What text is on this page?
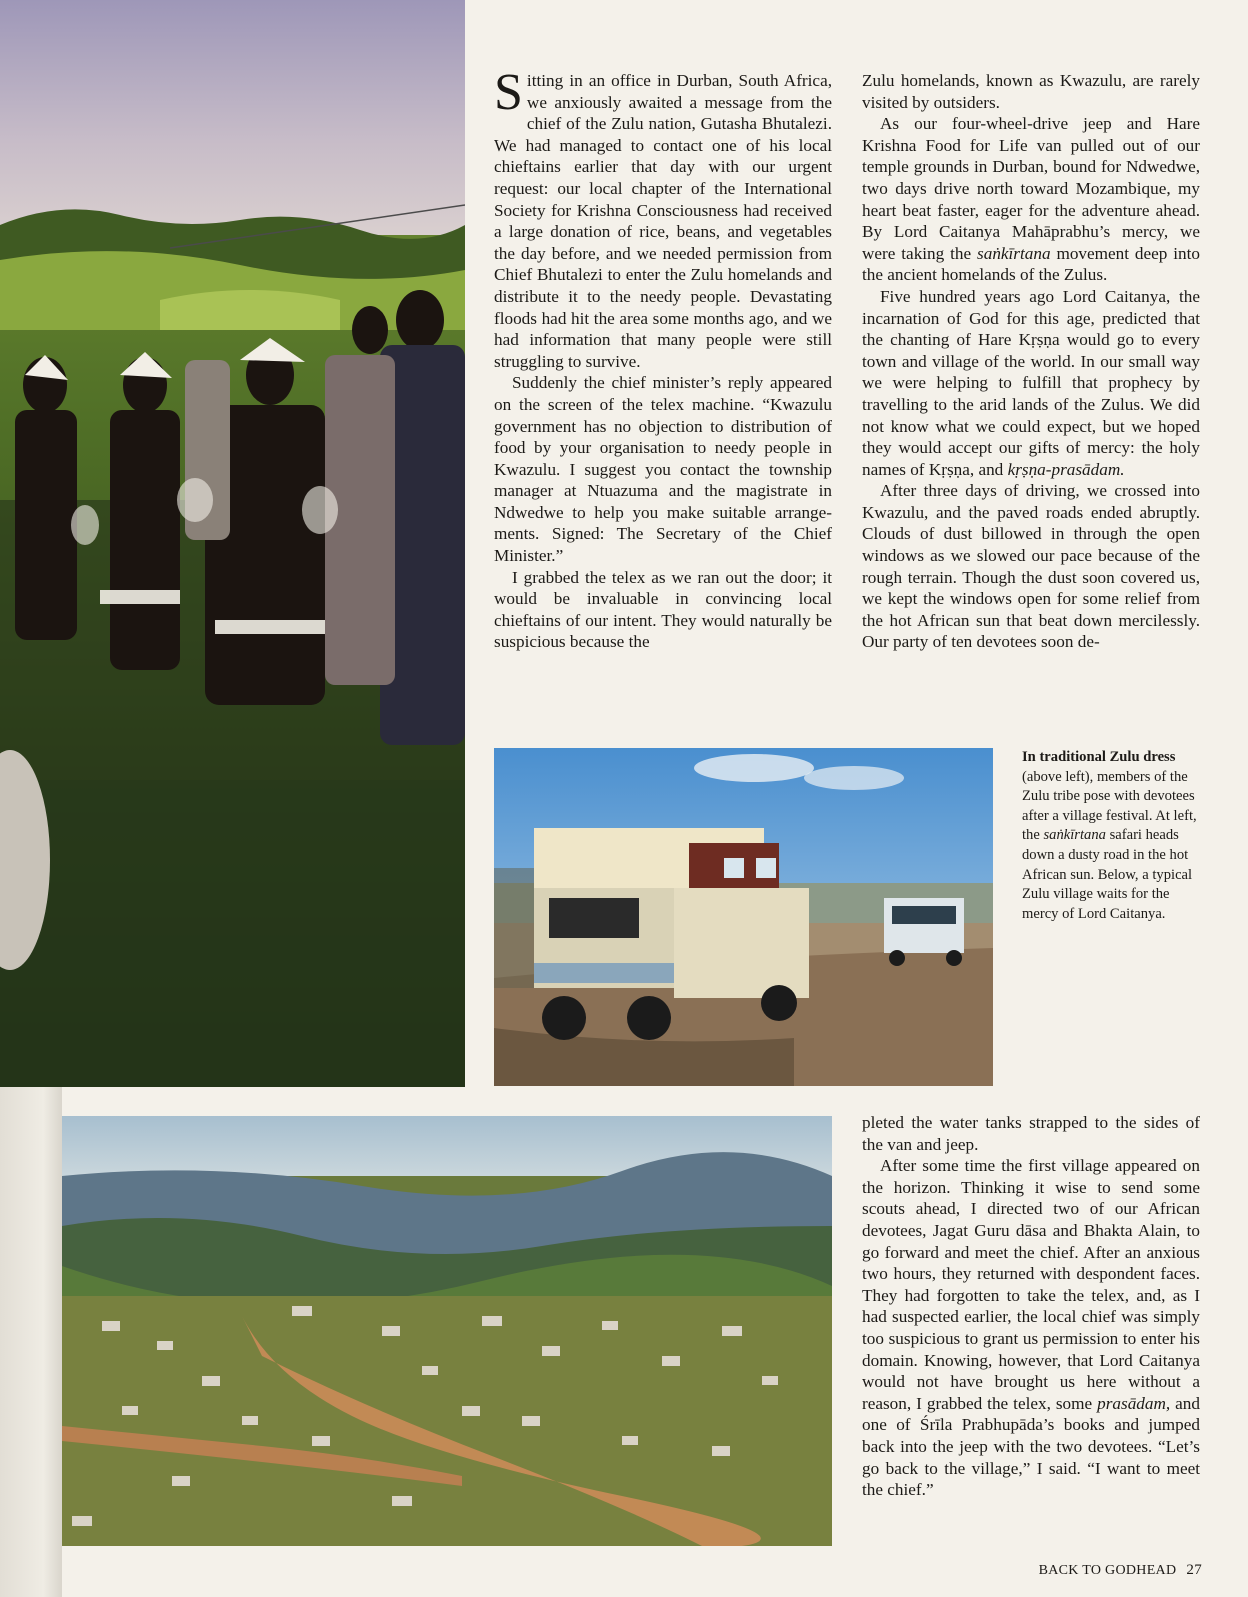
Sitting in an office in Durban, South Africa, we anxiously awaited a message from the chief of the Zulu nation, Gutasha Bhutalezi. We had managed to contact one of his local chieftains earlier that day with our urgent request: our local chapter of the International Society for Krishna Consciousness had received a large donation of rice, beans, and vegetables the day before, and we needed permission from Chief Bhutalezi to enter the Zulu homelands and distribute it to the needy people. Devastating floods had hit the area some months ago, and we had information that many people were still struggling to survive.

Suddenly the chief minister’s reply appeared on the screen of the telex machine. “Kwazulu government has no objection to distribution of food by your organisation to needy people in Kwazulu. I suggest you contact the township manager at Ntuazuma and the magistrate in Ndwedwe to help you make suitable arrangements. Signed: The Secretary of the Chief Minister.”

I grabbed the telex as we ran out the door; it would be invaluable in convincing local chieftains of our intent. They would naturally be suspicious because the

Zulu homelands, known as Kwazulu, are rarely visited by outsiders.

As our four-wheel-drive jeep and Hare Krishna Food for Life van pulled out of our temple grounds in Durban, bound for Ndwedwe, two days drive north toward Mozambique, my heart beat faster, eager for the adventure ahead. By Lord Caitanya Mahāprabhu’s mercy, we were taking the saṅkīrtana movement deep into the ancient homelands of the Zulus.

Five hundred years ago Lord Caitanya, the incarnation of God for this age, predicted that the chanting of Hare Kṛṣṇa would go to every town and village of the world. In our small way we were helping to fulfill that prophecy by travelling to the arid lands of the Zulus. We did not know what we could expect, but we hoped they would accept our gifts of mercy: the holy names of Kṛṣṇa, and kṛṣṇa-prasādam.

After three days of driving, we crossed into Kwazulu, and the paved roads ended abruptly. Clouds of dust billowed in through the open windows as we slowed our pace because of the rough terrain. Though the dust soon covered us, we kept the windows open for some relief from the hot African sun that beat down mercilessly. Our party of ten devotees soon de-

pleted the water tanks strapped to the sides of the van and jeep.

After some time the first village appeared on the horizon. Thinking it wise to send some scouts ahead, I directed two of our African devotees, Jagat Guru dāsa and Bhakta Alain, to go forward and meet the chief. After an anxious two hours, they returned with despondent faces. They had forgotten to take the telex, and, as I had suspected earlier, the local chief was simply too suspicious to grant us permission to enter his domain. Knowing, however, that Lord Caitanya would not have brought us here without a reason, I grabbed the telex, some prasādam, and one of Śrīla Prabhupāda’s books and jumped back into the jeep with the two devotees. “Let’s go back to the village,” I said. “I want to meet the chief.”

In traditional Zulu dress (above left), members of the Zulu tribe pose with devotees after a village festival. At left, the saṅkīrtana safari heads down a dusty road in the hot African sun. Below, a typical Zulu village waits for the mercy of Lord Caitanya.
BACK TO GODHEAD 27
